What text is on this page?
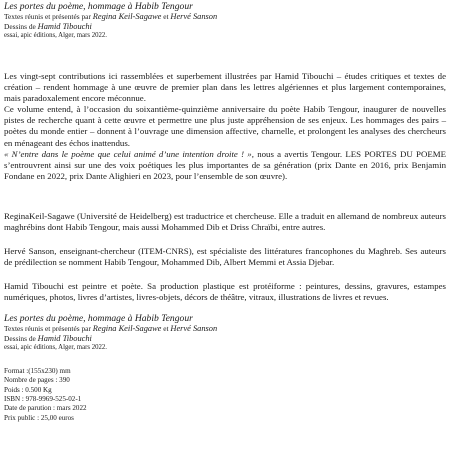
Les portes du poème, hommage à Habib Tengour
Textes réunis et présentés par Regina Keil-Sagawe et Hervé Sanson
Dessins de Hamid Tibouchi
essai, apic éditions, Alger, mars 2022.

Les vingt-sept contributions ici rassemblées et superbement illustrées par Hamid Tibouchi – études critiques et textes de création – rendent hommage à une œuvre de premier plan dans les lettres algériennes et plus largement contemporaines, mais paradoxalement encore méconnue.

Ce volume entend, à l’occasion du soixantième-quinzième anniversaire du poète Habib Tengour, inaugurer de nouvelles pistes de recherche quant à cette œuvre et permettre une plus juste appréhension de ses enjeux. Les hommages des pairs – poètes du monde entier – donnent à l’ouvrage une dimension affective, charnelle, et prolongent les analyses des chercheurs en ménageant des échos inattendus.

« N’entre dans le poème que celui animé d’une intention droite ! », nous a avertis Tengour. LES PORTES DU POEME s’entrouvrent ainsi sur une des voix poétiques les plus importantes de sa génération (prix Dante en 2016, prix Benjamin Fondane en 2022, prix Dante Alighieri en 2023, pour l’ensemble de son œuvre).

ReginaKeil-Sagawe (Université de Heidelberg) est traductrice et chercheuse. Elle a traduit en allemand de nombreux auteurs maghrébins dont Habib Tengour, mais aussi Mohammed Dib et Driss Chraïbi, entre autres.

Hervé Sanson, enseignant-chercheur (ITEM-CNRS), est spécialiste des littératures francophones du Maghreb. Ses auteurs de prédilection se nomment Habib Tengour, Mohammed Dib, Albert Memmi et Assia Djebar.

Hamid Tibouchi est peintre et poète. Sa production plastique est protéiforme : peintures, dessins, gravures, estampes numériques, photos, livres d’artistes, livres-objets, décors de théâtre, vitraux, illustrations de livres et revues.

Les portes du poème, hommage à Habib Tengour
Textes réunis et présentés par Regina Keil-Sagawe et Hervé Sanson
Dessins de Hamid Tibouchi
essai, apic éditions, Alger, mars 2022.
Format :(155x230) mm
Nombre de pages : 390
Poids : 0.500 Kg
ISBN : 978-9969-525-02-1
Date de parution : mars 2022
Prix public : 25,00 euros
